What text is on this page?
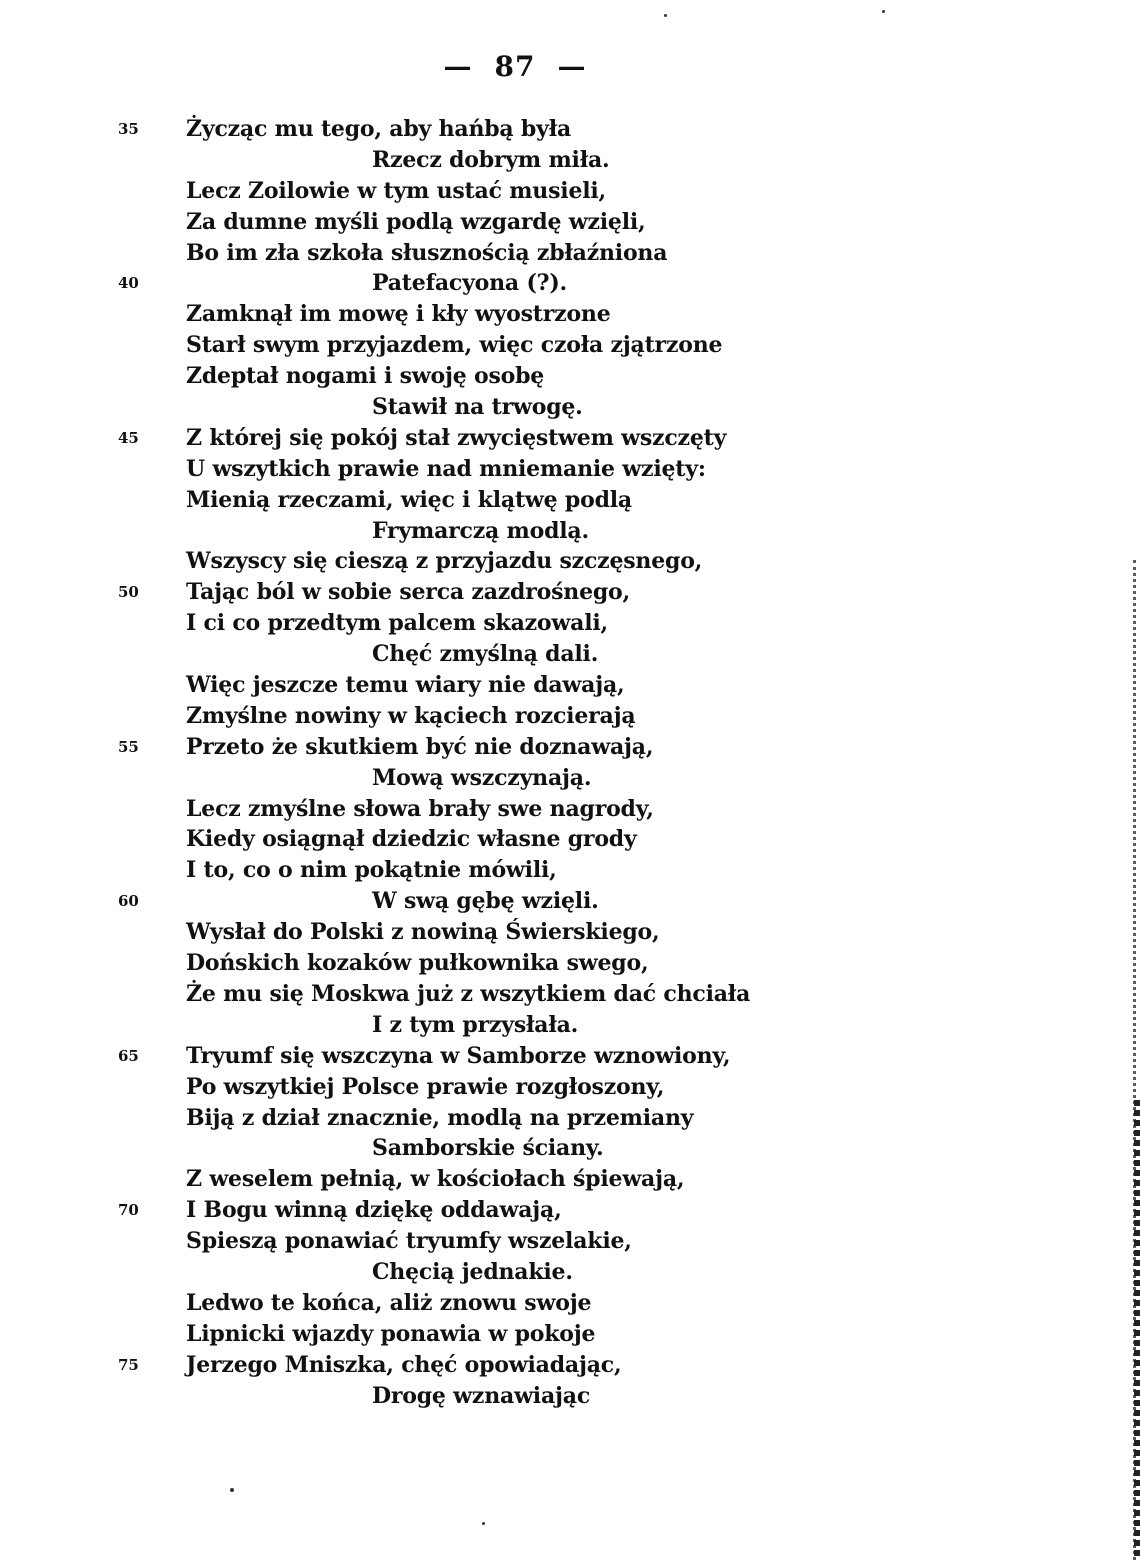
— 87 —
35	Życząc mu tego, aby hańbą była
Rzecz dobrym miła.
Lecz Zoilowie w tym ustać musieli,
Za dumne myśli podlą wzgardę wzięli,
Bo im zła szkoła słusznością zbłaźniona
40	Patefacyona (?).
Zamknął im mowę i kły wyostrzone
Starł swym przyjazdem, więc czoła zjątrzone
Zdeptał nogami i swoję osobę
Stawił na trwogę.
45	Z której się pokój stał zwycięstwem wszczęty
U wszytkich prawie nad mniemanie wzięty:
Mienią rzeczami, więc i klątwę podlą
Frymarczą modlą.
Wszyscy się cieszą z przyjazdu szczęsnego,
50	Tając ból w sobie serca zazdrośnego,
I ci co przedtym palcem skazowali,
Chęć zmyślną dali.
Więc jeszcze temu wiary nie dawają,
Zmyślne nowiny w kąciech rozcierają
55	Przeto że skutkiem być nie doznawają,
Mową wszczynają.
Lecz zmyślne słowa brały swe nagrody,
Kiedy osiągnął dziedzic własne grody
I to, co o nim pokątnie mówili,
60	W swą gębę wzięli.
Wysłał do Polski z nowiną Świerskiego,
Dońskich kozaków pułkownika swego,
Że mu się Moskwa już z wszytkiem dać chciała
I z tym przysłała.
65	Tryumf się wszczyna w Samborze wznowiony,
Po wszytkiej Polsce prawie rozgłoszony,
Biją z dział znacznie, modlą na przemiany
Samborskie ściany.
Z weselem pełnią, w kościołach śpiewają,
70	I Bogu winną dziękę oddawają,
Spieszą ponawiać tryumfy wszelakie,
Chęcią jednakie.
Ledwo te końca, aliż znowu swoje
Lipnicki wjazdy ponawia w pokoje
75	Jerzego Mniszka, chęć opowiadając,
Drogę wznawiając
